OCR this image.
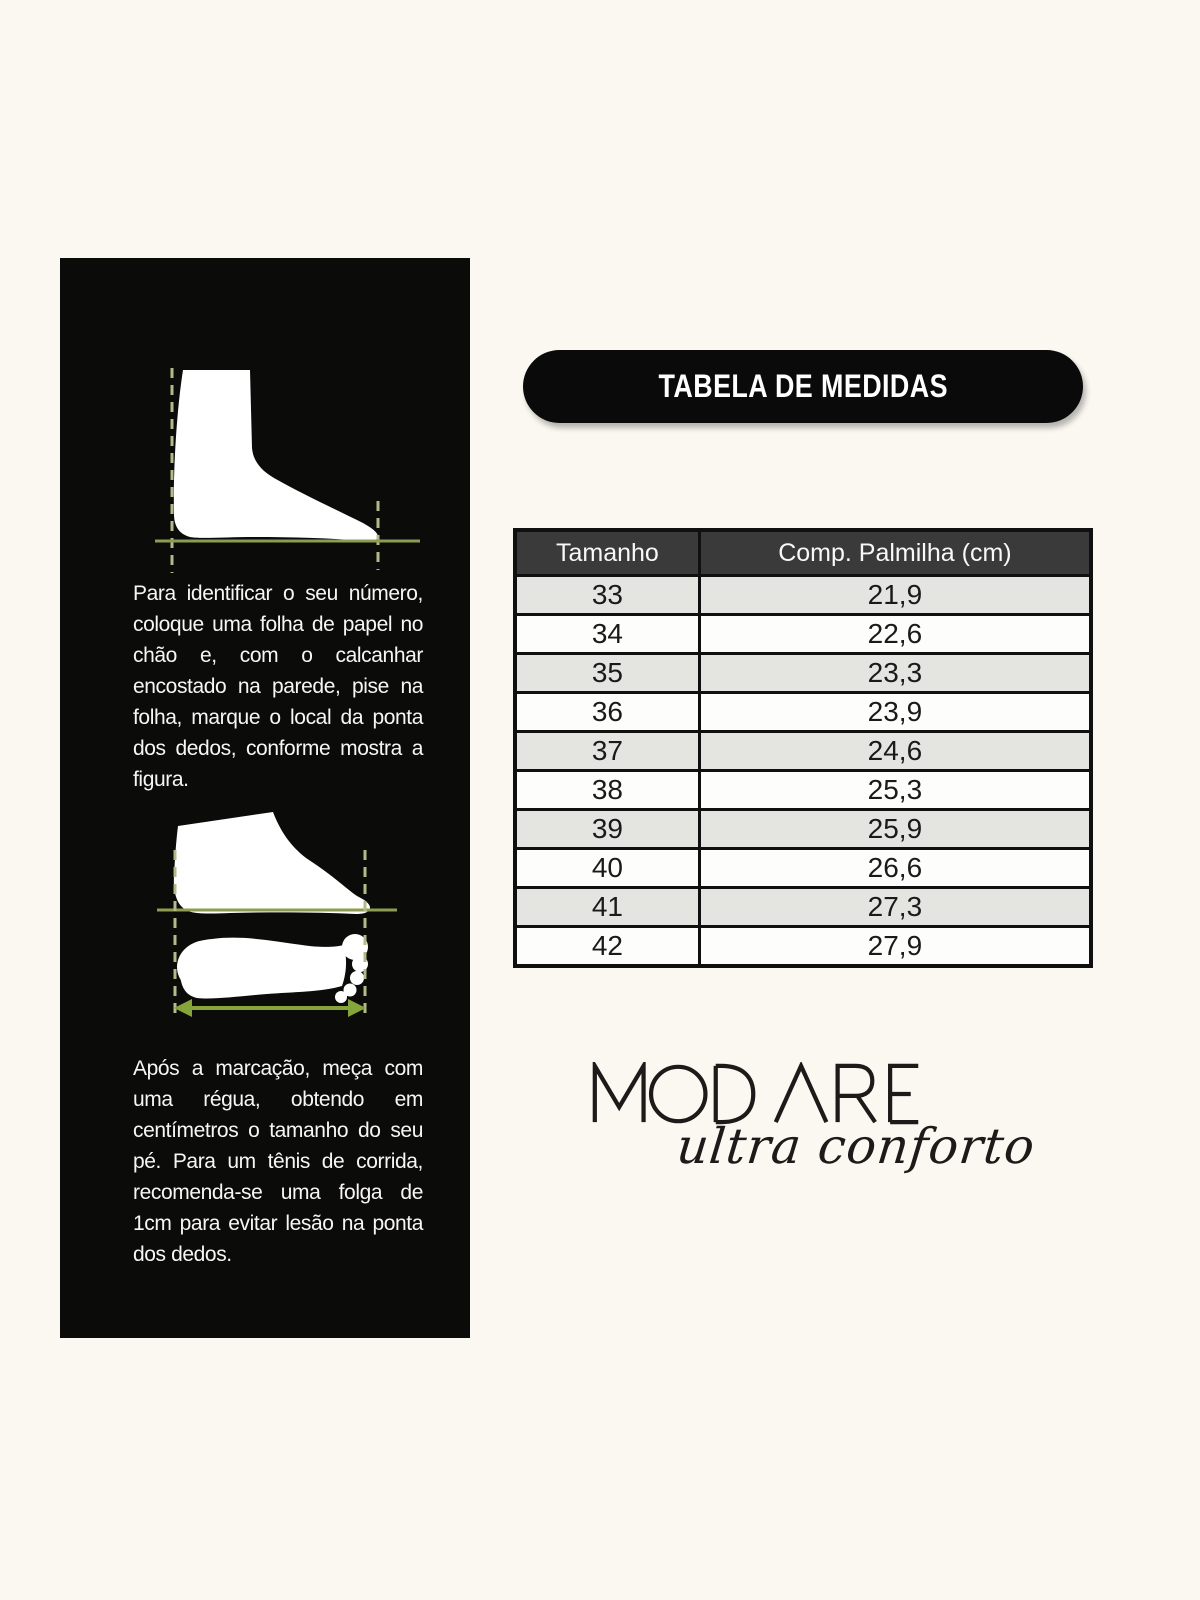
Para identificar o seu número, coloque uma folha de papel no chão e, com o calcanhar encostado na parede, pise na folha, marque o local da ponta dos dedos, conforme mostra a figura.

Após a marcação, meça com uma régua, obtendo em centímetros o tamanho do seu pé. Para um tênis de corrida, recomenda-se uma folga de 1cm para evitar lesão na ponta dos dedos.

TABELA DE MEDIDAS
Tamanho	Comp. Palmilha (cm)
33	21,9
34	22,6
35	23,3
36	23,9
37	24,6
38	25,3
39	25,9
40	26,6
41	27,3
42	27,9
ultra conforto
